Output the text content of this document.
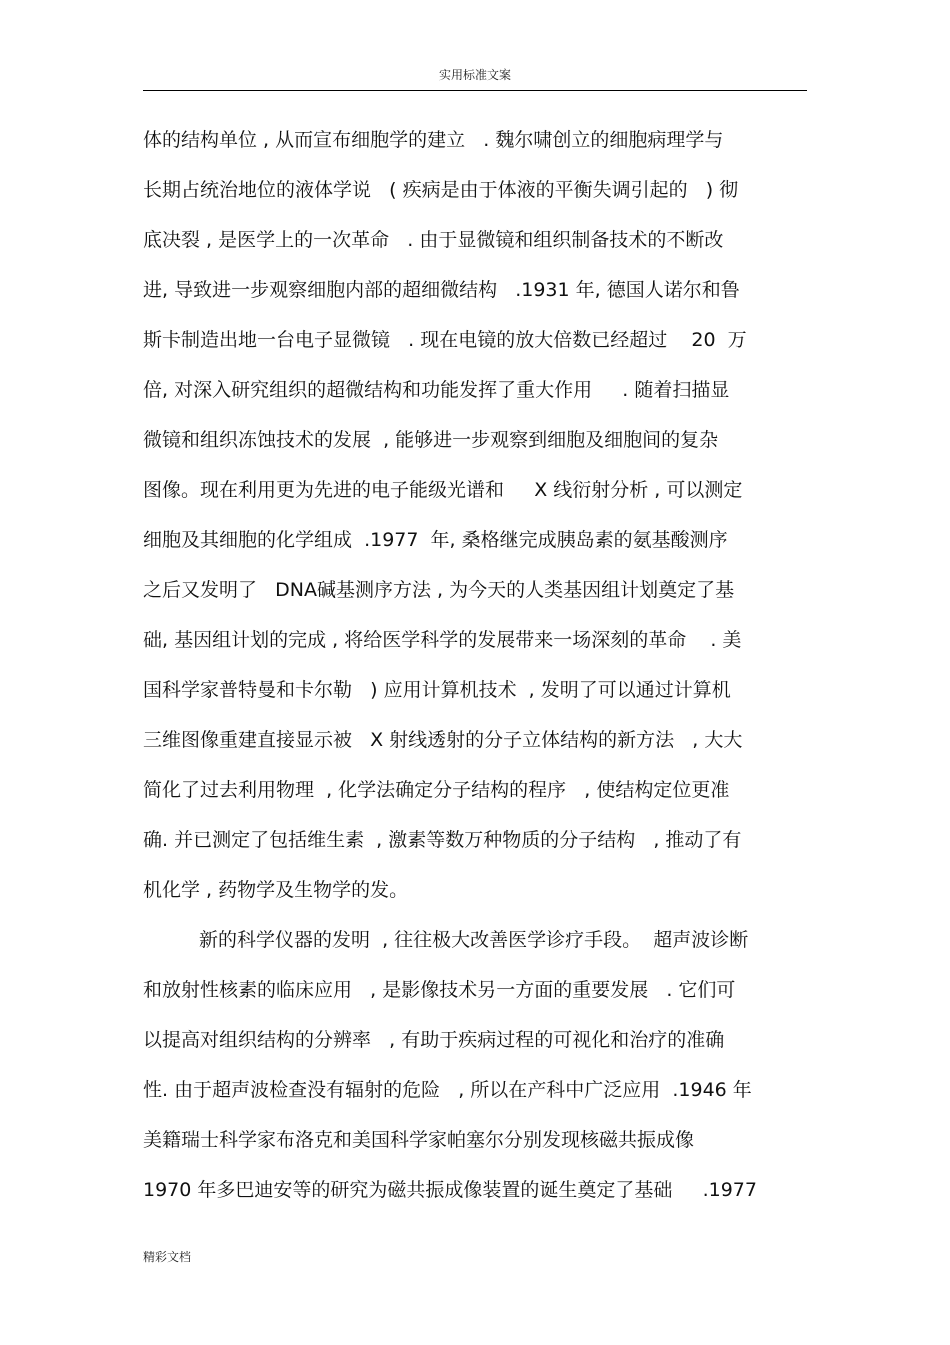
实用标准文案
体的结构单位 , 从而宣布细胞学的建立   . 魏尔啸创立的细胞病理学与
长期占统治地位的液体学说   ( 疾病是由于体液的平衡失调引起的   ) 彻
底决裂 , 是医学上的一次革命   . 由于显微镜和组织制备技术的不断改
进, 导致进一步观察细胞内部的超细微结构   .1931 年, 德国人诺尔和鲁
斯卡制造出地一台电子显微镜   . 现在电镜的放大倍数已经超过    20  万
倍, 对深入研究组织的超微结构和功能发挥了重大作用     . 随着扫描显
微镜和组织冻蚀技术的发展  , 能够进一步观察到细胞及细胞间的复杂
图像。现在利用更为先进的电子能级光谱和     X 线衍射分析 , 可以测定
细胞及其细胞的化学组成  .1977  年, 桑格继完成胰岛素的氨基酸测序
之后又发明了   DNA碱基测序方法 , 为今天的人类基因组计划奠定了基
础, 基因组计划的完成 , 将给医学科学的发展带来一场深刻的革命    . 美
国科学家普特曼和卡尔勒   ) 应用计算机技术  , 发明了可以通过计算机
三维图像重建直接显示被   X 射线透射的分子立体结构的新方法   , 大大
简化了过去利用物理  , 化学法确定分子结构的程序   , 使结构定位更准
确. 并已测定了包括维生素  , 激素等数万种物质的分子结构   , 推动了有
机化学 , 药物学及生物学的发。
新的科学仪器的发明  , 往往极大改善医学诊疗手段。  超声波诊断
和放射性核素的临床应用   , 是影像技术另一方面的重要发展   . 它们可
以提高对组织结构的分辨率   , 有助于疾病过程的可视化和治疗的准确
性. 由于超声波检查没有辐射的危险   , 所以在产科中广泛应用  .1946 年
美籍瑞士科学家布洛克和美国科学家帕塞尔分别发现核磁共振成像
1970 年多巴迪安等的研究为磁共振成像装置的诞生奠定了基础     .1977
精彩文档
